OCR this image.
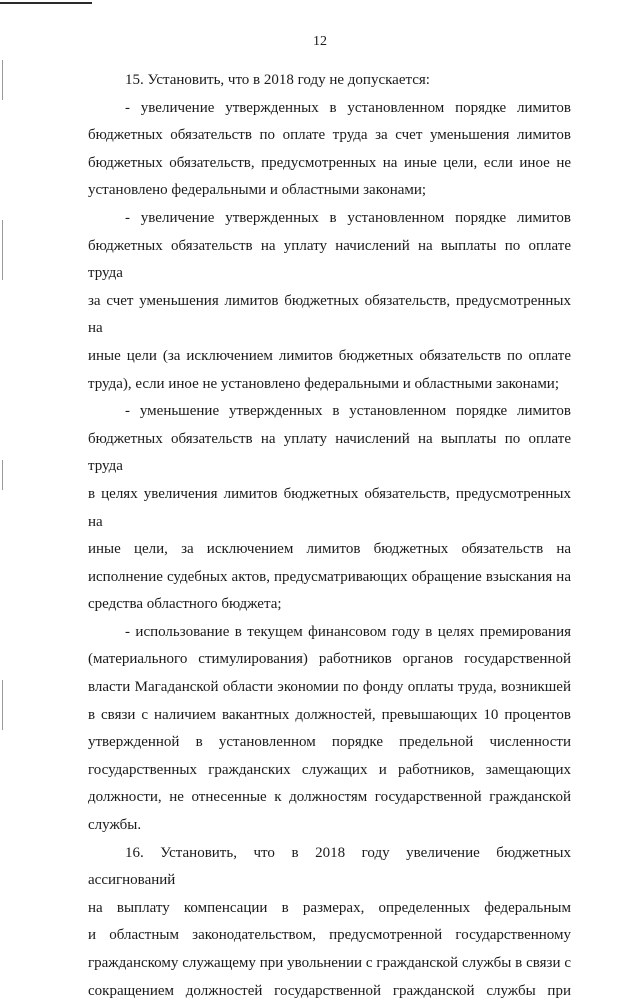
12

15. Установить, что в 2018 году не допускается:

- увеличение утвержденных в установленном порядке лимитов
бюджетных обязательств по оплате труда за счет уменьшения лимитов
бюджетных обязательств, предусмотренных на иные цели, если иное не
установлено федеральными и областными законами;

- увеличение утвержденных в установленном порядке лимитов
бюджетных обязательств на уплату начислений на выплаты по оплате труда
за счет уменьшения лимитов бюджетных обязательств, предусмотренных на
иные цели (за исключением лимитов бюджетных обязательств по оплате
труда), если иное не установлено федеральными и областными законами;

- уменьшение утвержденных в установленном порядке лимитов
бюджетных обязательств на уплату начислений на выплаты по оплате труда
в целях увеличения лимитов бюджетных обязательств, предусмотренных на
иные цели, за исключением лимитов бюджетных обязательств на
исполнение судебных актов, предусматривающих обращение взыскания на
средства областного бюджета;

- использование в текущем финансовом году в целях премирования
(материального стимулирования) работников органов государственной
власти Магаданской области экономии по фонду оплаты труда, возникшей
в связи с наличием вакантных должностей, превышающих 10 процентов
утвержденной в установленном порядке предельной численности
государственных гражданских служащих и работников, замещающих
должности, не отнесенные к должностям государственной гражданской
службы.

16. Установить, что в 2018 году увеличение бюджетных ассигнований
на выплату компенсации в размерах, определенных федеральным
и областным законодательством, предусмотренной государственному
гражданскому служащему при увольнении с гражданской службы в связи с
сокращением должностей государственной гражданской службы при
